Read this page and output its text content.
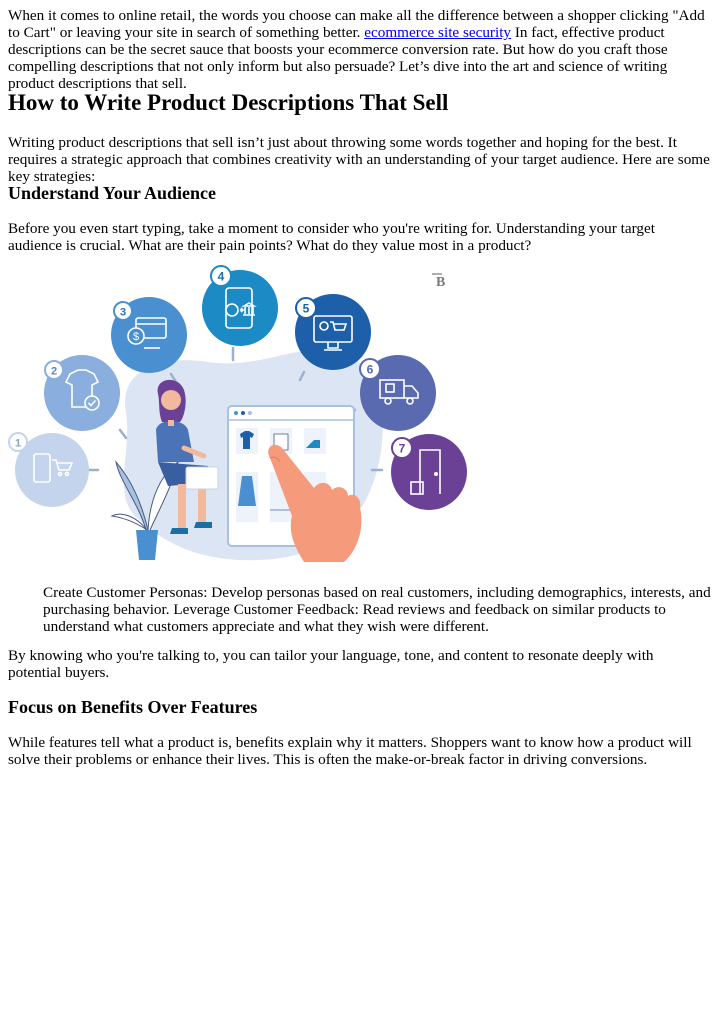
When it comes to online retail, the words you choose can make all the difference between a shopper clicking "Add to Cart" or leaving your site in search of something better. ecommerce site security In fact, effective product descriptions can be the secret sauce that boosts your ecommerce conversion rate. But how do you craft those compelling descriptions that not only inform but also persuade? Let’s dive into the art and science of writing product descriptions that sell.

How to Write Product Descriptions That Sell

Writing product descriptions that sell isn’t just about throwing some words together and hoping for the best. It requires a strategic approach that combines creativity with an understanding of your target audience. Here are some key strategies:

Understand Your Audience

Before you even start typing, take a moment to consider who you're writing for. Understanding your target audience is crucial. What are their pain points? What do they value most in a product?

1
2
$
3
4
5
6
7
B

Create Customer Personas: Develop personas based on real customers, including demographics, interests, and purchasing behavior. Leverage Customer Feedback: Read reviews and feedback on similar products to understand what customers appreciate and what they wish were different.

By knowing who you're talking to, you can tailor your language, tone, and content to resonate deeply with potential buyers.

Focus on Benefits Over Features

While features tell what a product is, benefits explain why it matters. Shoppers want to know how a product will solve their problems or enhance their lives. This is often the make-or-break factor in driving conversions.
